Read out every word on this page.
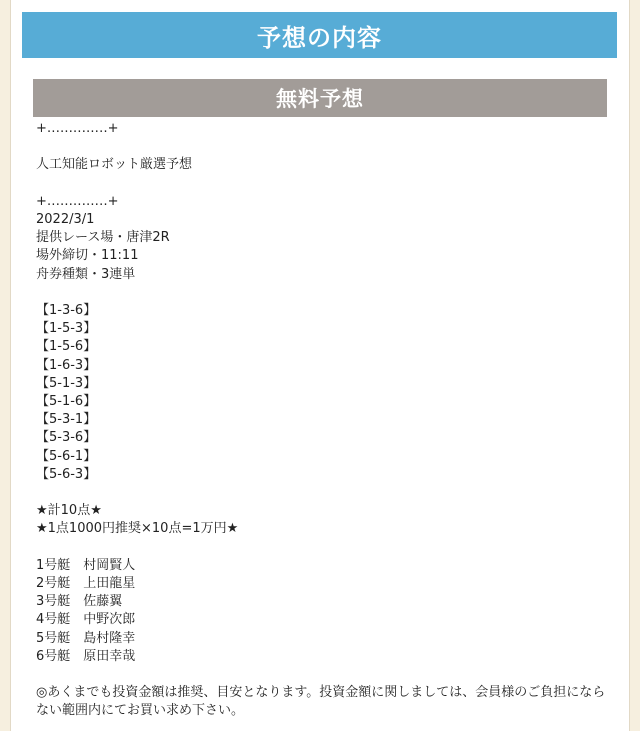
予想の内容
無料予想
+‥‥‥‥‥‥‥+
人工知能ロボット厳選予想
+‥‥‥‥‥‥‥+
2022/3/1
提供レース場・唐津2R
場外締切・11:11
舟券種類・3連単
【1-3-6】
【1-5-3】
【1-5-6】
【1-6-3】
【5-1-3】
【5-1-6】
【5-3-1】
【5-3-6】
【5-6-1】
【5-6-3】
★計10点★
★1点1000円推奨×10点=1万円★
1号艇　村岡賢人
2号艇　上田龍星
3号艇　佐藤翼
4号艇　中野次郎
5号艇　島村隆幸
6号艇　原田幸哉
◎あくまでも投資金額は推奨、目安となります。投資金額に関しましては、会員様のご負担にならない範囲内にてお買い求め下さい。
